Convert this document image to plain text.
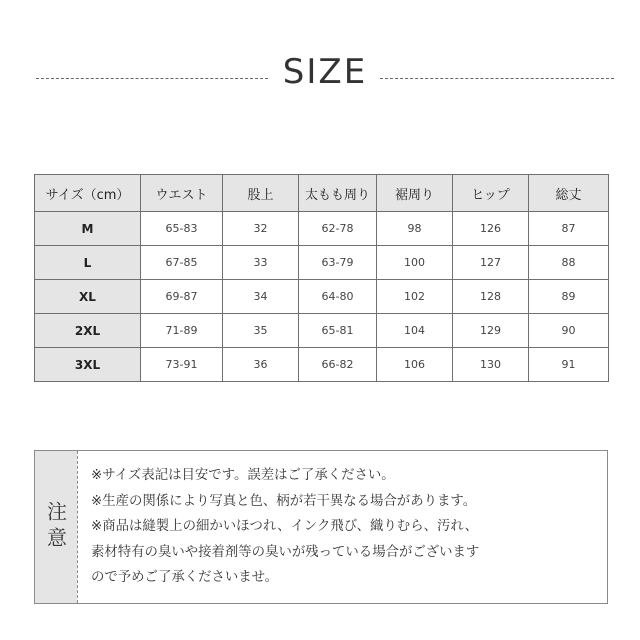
SIZE
サイズ（cm）	ウエスト	股上	太もも周り	裾周り	ヒップ	総丈
M	65-83	32	62-78	98	126	87
L	67-85	33	63-79	100	127	88
XL	69-87	34	64-80	102	128	89
2XL	71-89	35	65-81	104	129	90
3XL	73-91	36	66-82	106	130	91
注意
※サイズ表記は目安です。誤差はご了承ください。
※生産の関係により写真と色、柄が若干異なる場合があります。
※商品は縫製上の細かいほつれ、インク飛び、織りむら、汚れ、
素材特有の臭いや接着剤等の臭いが残っている場合がございます
ので予めご了承くださいませ。
